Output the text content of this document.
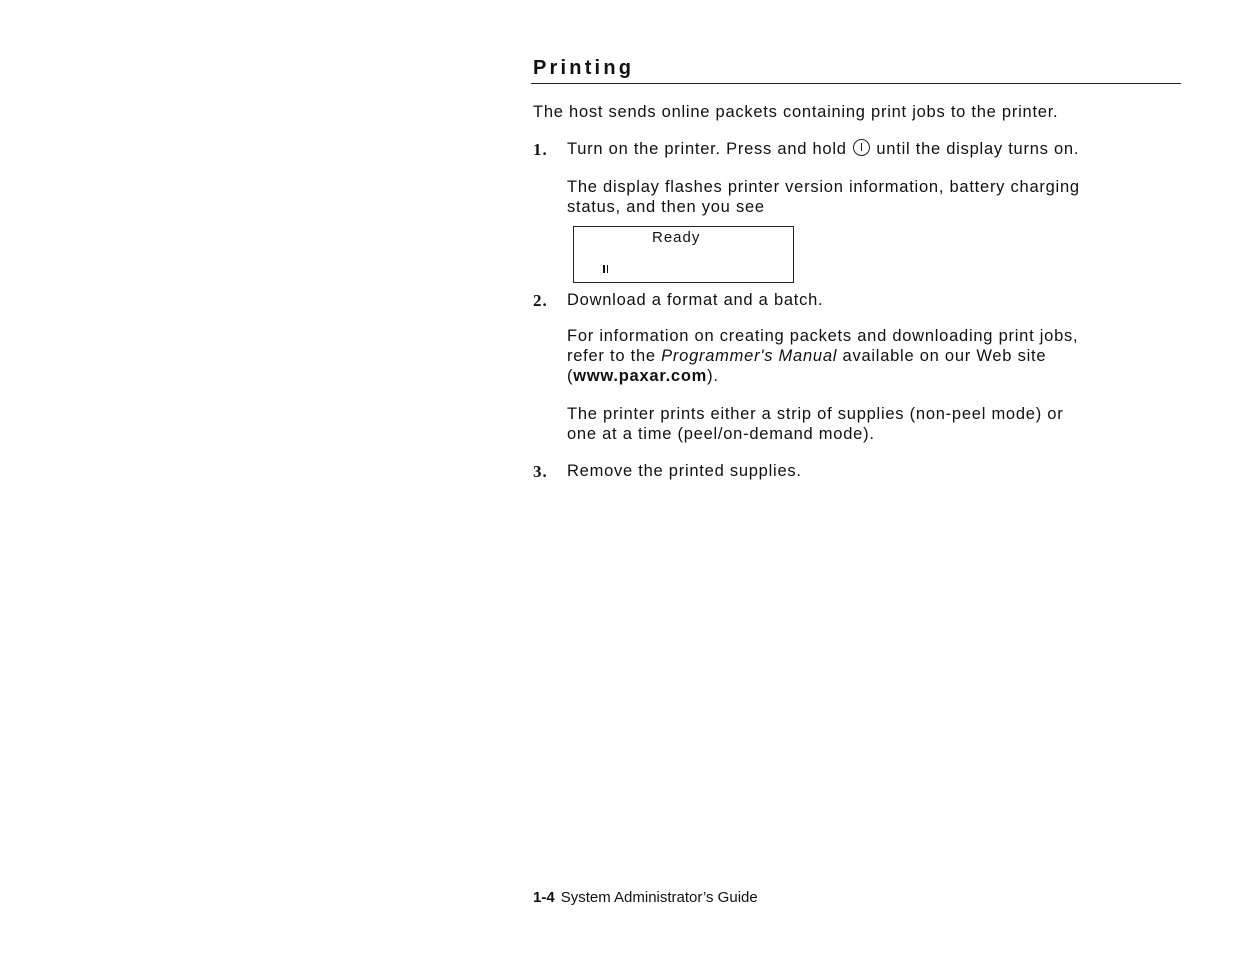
Printing

The host sends online packets containing print jobs to the printer.

1. Turn on the printer. Press and hold  until the display turns on.

The display flashes printer version information, battery charging

status, and then you see

Ready
2. Download a format and a batch.

For information on creating packets and downloading print jobs,

refer to the Programmer's Manual available on our Web site

(www.paxar.com).

The printer prints either a strip of supplies (non-peel mode) or

one at a time (peel/on-demand mode).

3. Remove the printed supplies.

1-4 System Administrator’s Guide
